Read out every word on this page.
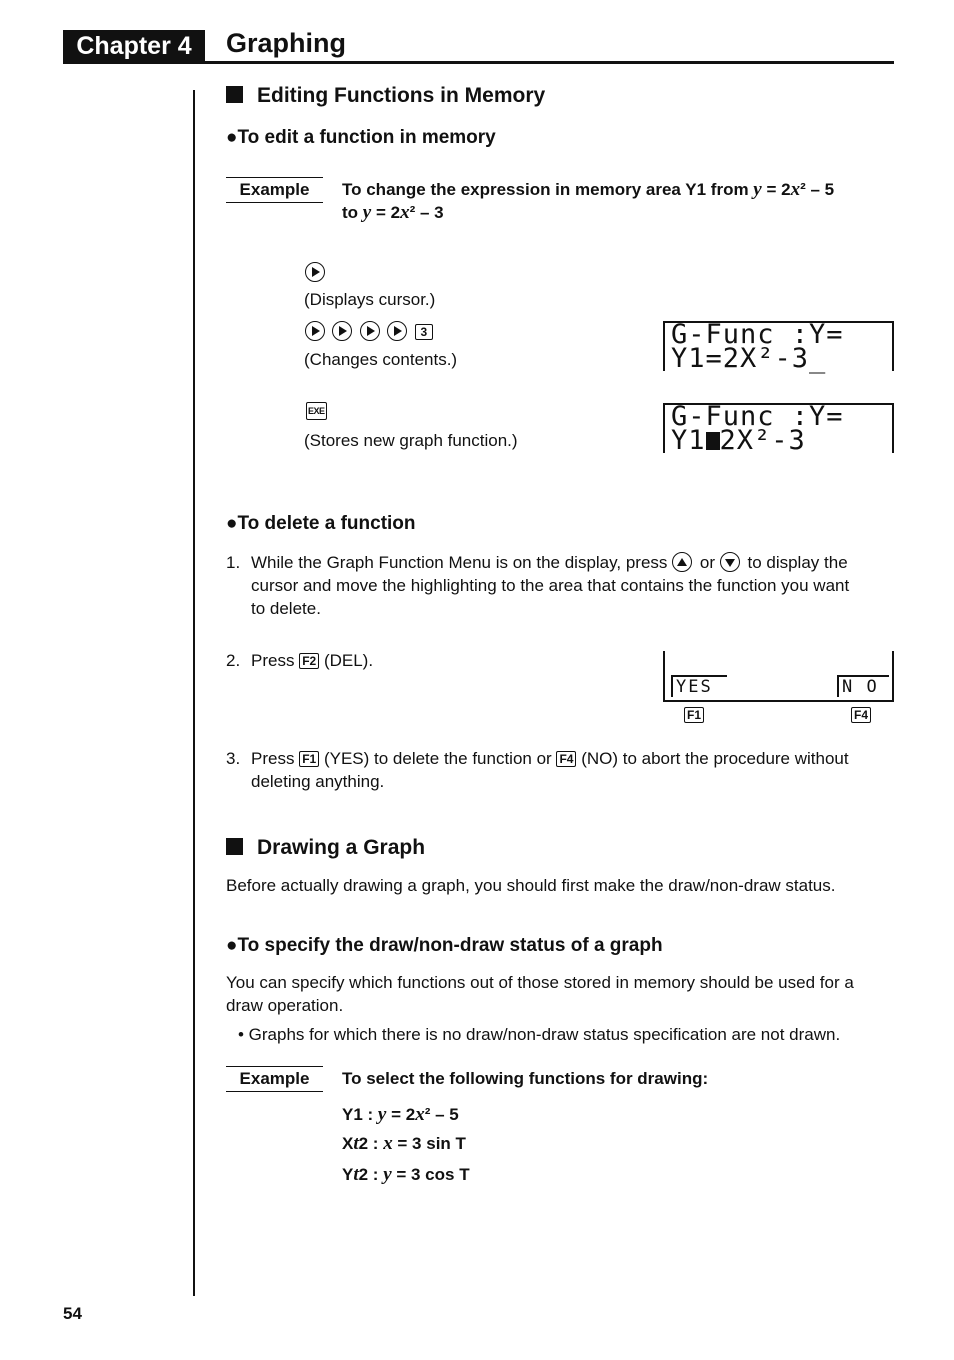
Chapter 4	Graphing
Editing Functions in Memory
●To edit a function in memory
Example	To change the expression in memory area Y1 from y = 2x² – 5
to y = 2x² – 3
(Displays cursor.)

3
(Changes contents.)
EXE
(Stores new graph function.)
G-Func :Y=
Y1=2X²-3_
G-Func :Y=
Y1 2X²-3
●To delete a function
1. While the Graph Function Menu is on the display, press or to display the
cursor and move the highlighting to the area that contains the function you want
to delete.
2. Press F2 (DEL).
YES	N O
F1	F4
3. Press F1 (YES) to delete the function or F4 (NO) to abort the procedure without
deleting anything.
Drawing a Graph
Before actually drawing a graph, you should first make the draw/non-draw status.
●To specify the draw/non-draw status of a graph
You can specify which functions out of those stored in memory should be used for a
draw operation.
• Graphs for which there is no draw/non-draw status specification are not drawn.
Example	To select the following functions for drawing:
Y1 : y = 2x² – 5
Xt2 : x = 3 sin T
Yt2 : y = 3 cos T
54
